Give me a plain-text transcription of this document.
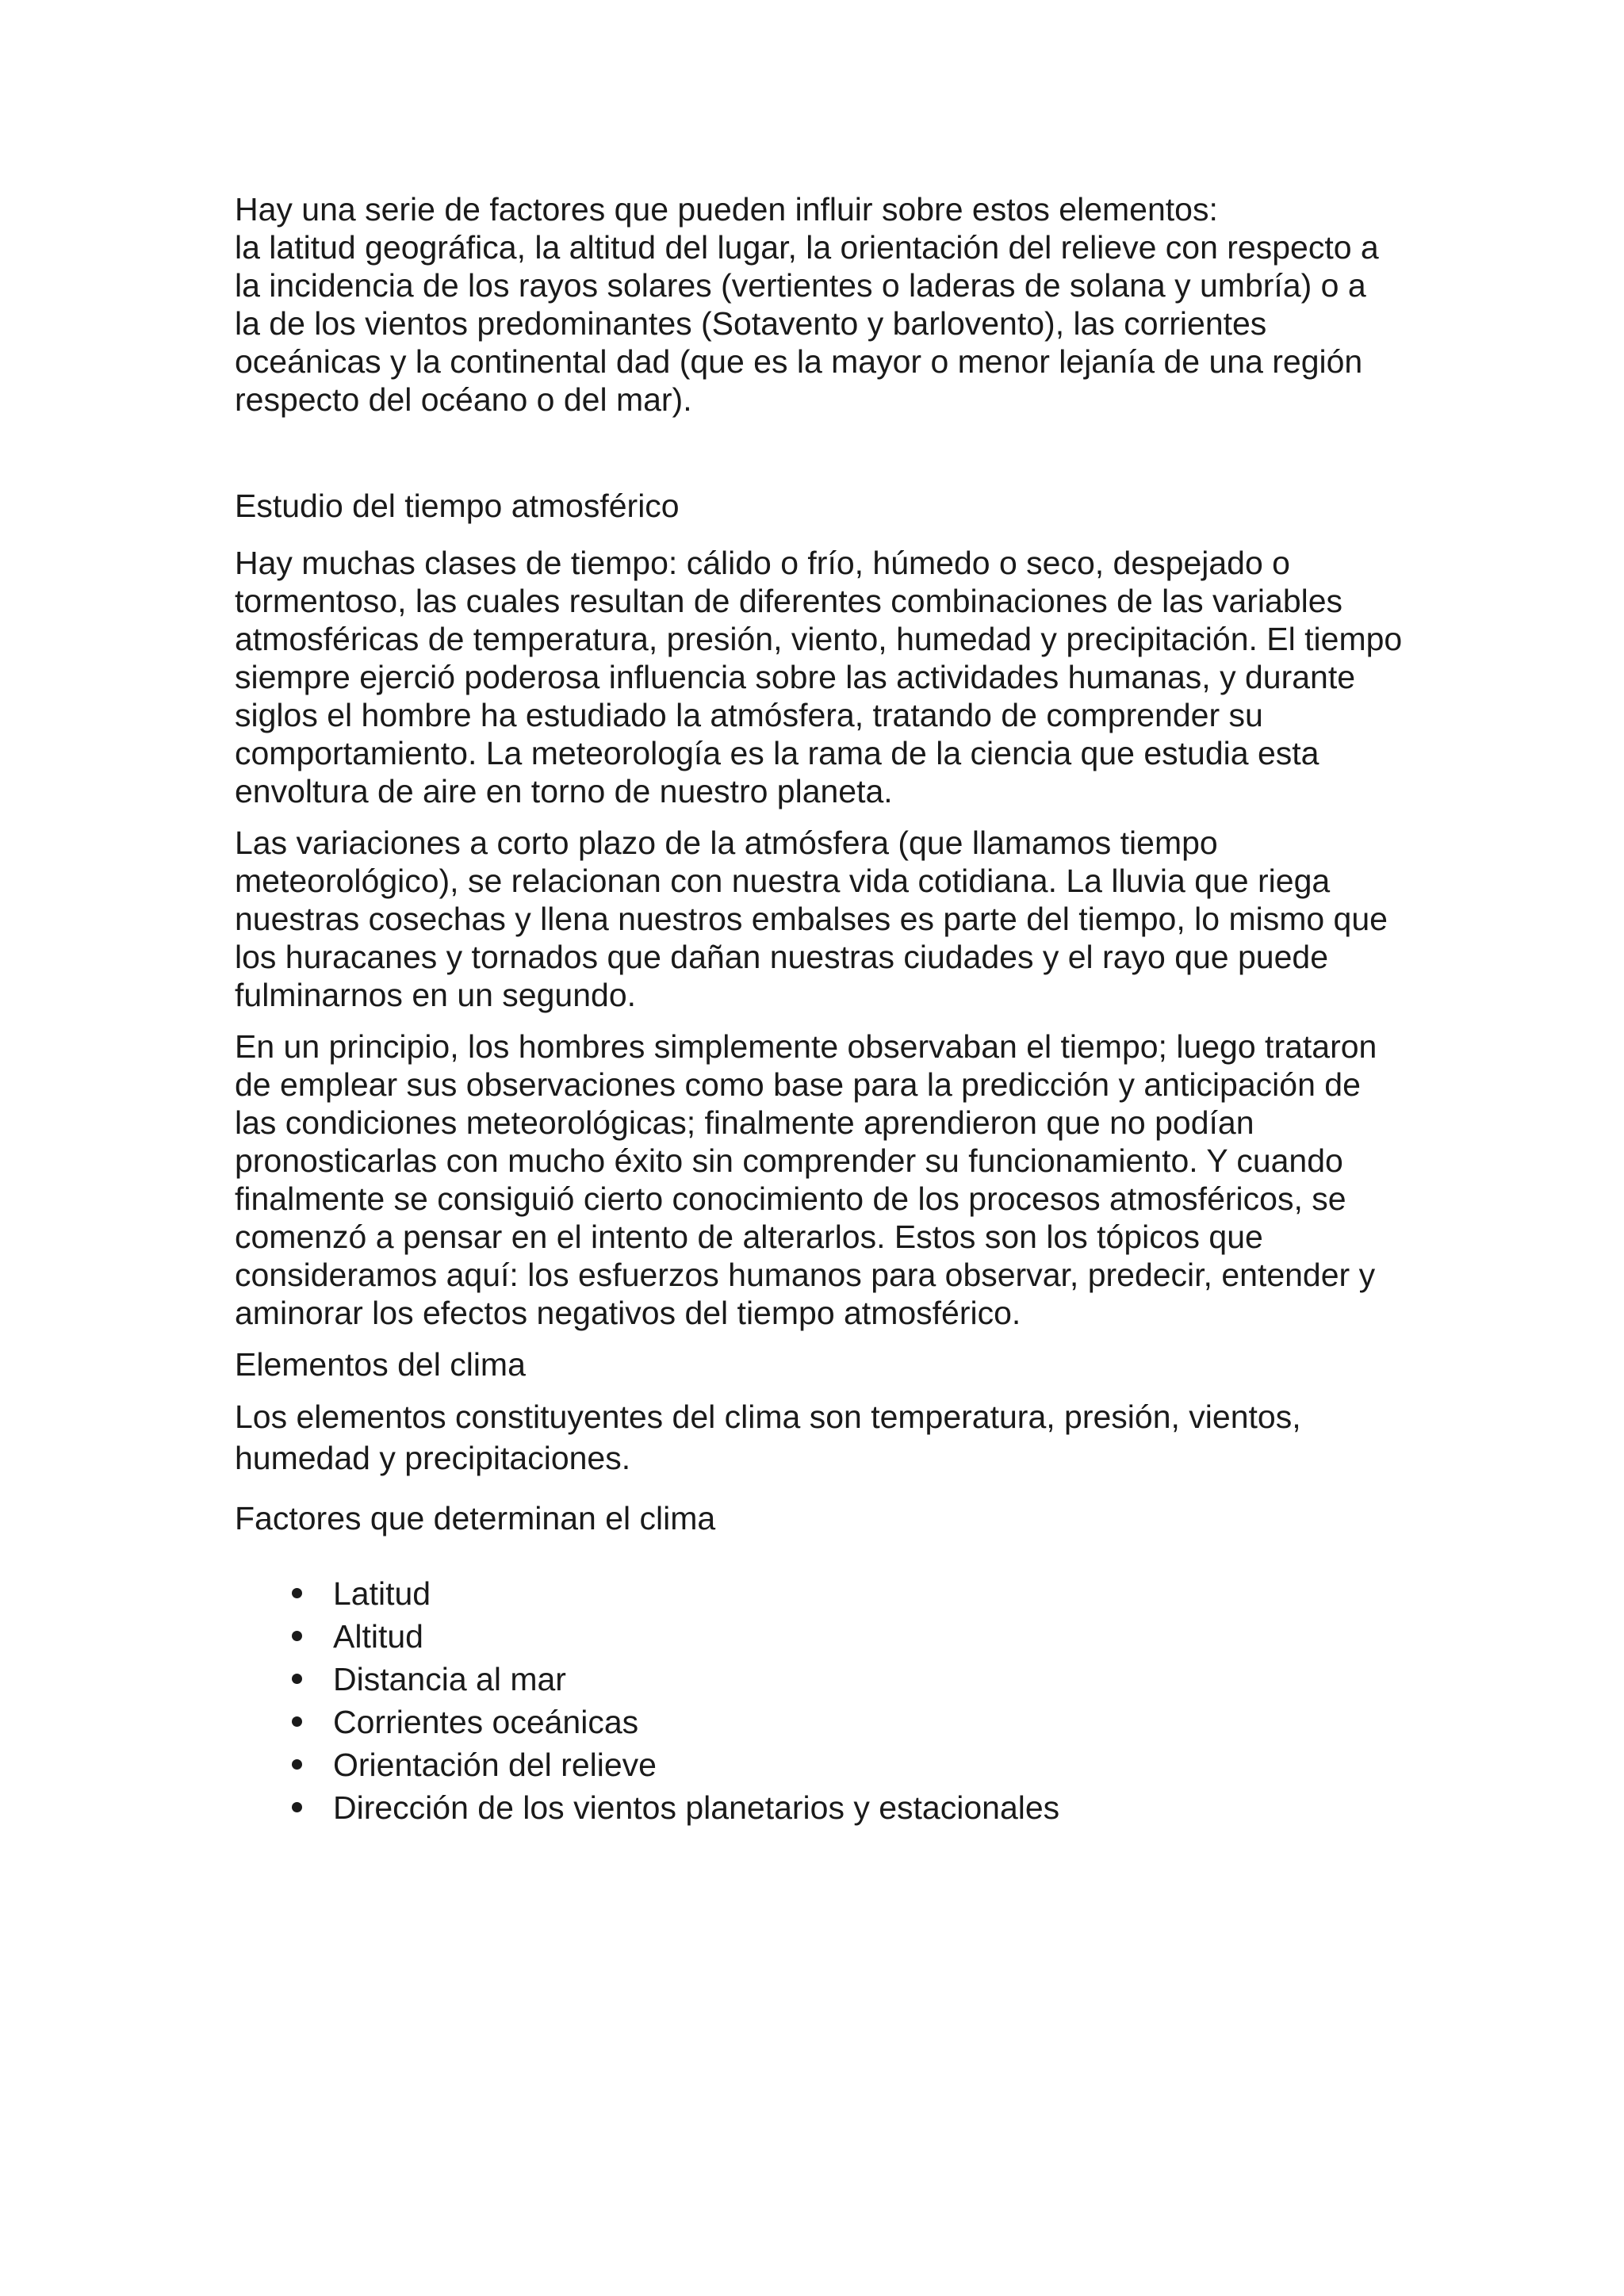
Hay una serie de factores que pueden influir sobre estos elementos:
la latitud geográfica, la altitud del lugar, la orientación del relieve con respecto a
la incidencia de los rayos solares (vertientes o laderas de solana y umbría) o a
la de los vientos predominantes (Sotavento y barlovento), las corrientes
oceánicas y la continental dad (que es la mayor o menor lejanía de una región
respecto del océano o del mar).

Estudio del tiempo atmosférico

Hay muchas clases de tiempo: cálido o frío, húmedo o seco, despejado o tormentoso, las cuales resultan de diferentes combinaciones de las variables atmosféricas de temperatura, presión, viento, humedad y precipitación. El tiempo siempre ejerció poderosa influencia sobre las actividades humanas, y durante siglos el hombre ha estudiado la atmósfera, tratando de comprender su comportamiento. La meteorología es la rama de la ciencia que estudia esta envoltura de aire en torno de nuestro planeta.

Las variaciones a corto plazo de la atmósfera (que llamamos tiempo meteorológico), se relacionan con nuestra vida cotidiana. La lluvia que riega nuestras cosechas y llena nuestros embalses es parte del tiempo, lo mismo que los huracanes y tornados que dañan nuestras ciudades y el rayo que puede fulminarnos en un segundo.

En un principio, los hombres simplemente observaban el tiempo; luego trataron de emplear sus observaciones como base para la predicción y anticipación de las condiciones meteorológicas; finalmente aprendieron que no podían pronosticarlas con mucho éxito sin comprender su funcionamiento. Y cuando finalmente se consiguió cierto conocimiento de los procesos atmosféricos, se comenzó a pensar en el intento de alterarlos. Estos son los tópicos que consideramos aquí: los esfuerzos humanos para observar, predecir, entender y aminorar los efectos negativos del tiempo atmosférico.

Elementos del clima

Los elementos constituyentes del clima son temperatura, presión, vientos, humedad y precipitaciones.

Factores que determinan el clima

Latitud
Altitud
Distancia al mar
Corrientes oceánicas
Orientación del relieve
Dirección de los vientos planetarios y estacionales
